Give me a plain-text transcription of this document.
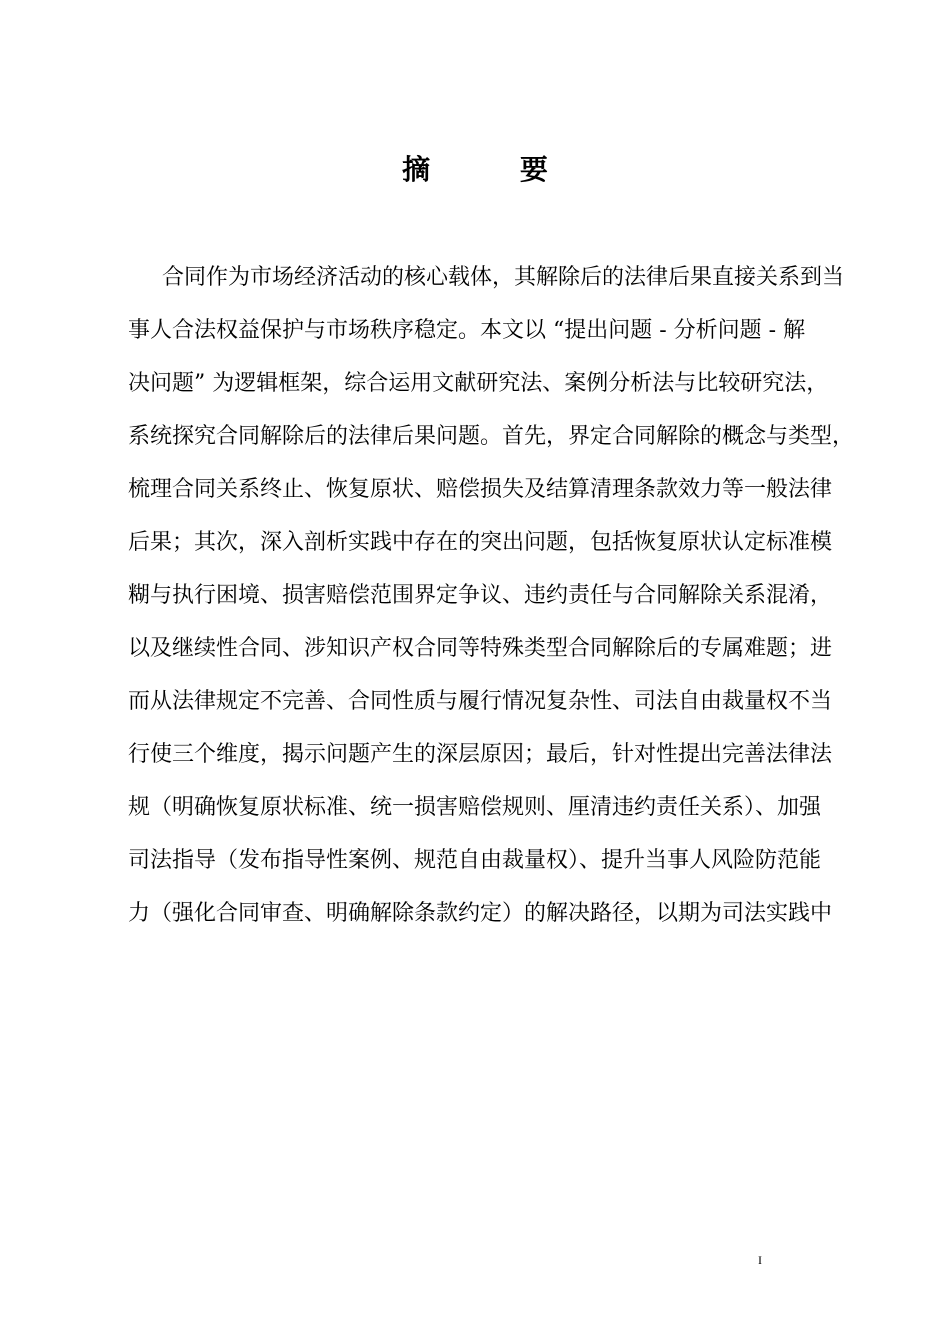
摘 要
合同作为市场经济活动的核心载体，其解除后的法律后果直接关系到当
事人合法权益保护与市场秩序稳定。本文以 “提出问题 - 分析问题 - 解
决问题” 为逻辑框架，综合运用文献研究法、案例分析法与比较研究法，
系统探究合同解除后的法律后果问题。首先，界定合同解除的概念与类型，
梳理合同关系终止、恢复原状、赔偿损失及结算清理条款效力等一般法律
后果；其次，深入剖析实践中存在的突出问题，包括恢复原状认定标准模
糊与执行困境、损害赔偿范围界定争议、违约责任与合同解除关系混淆，
以及继续性合同、涉知识产权合同等特殊类型合同解除后的专属难题；进
而从法律规定不完善、合同性质与履行情况复杂性、司法自由裁量权不当
行使三个维度，揭示问题产生的深层原因；最后，针对性提出完善法律法
规（明确恢复原状标准、统一损害赔偿规则、厘清违约责任关系）、加强
司法指导（发布指导性案例、规范自由裁量权）、提升当事人风险防范能
力（强化合同审查、明确解除条款约定）的解决路径，以期为司法实践中
I
